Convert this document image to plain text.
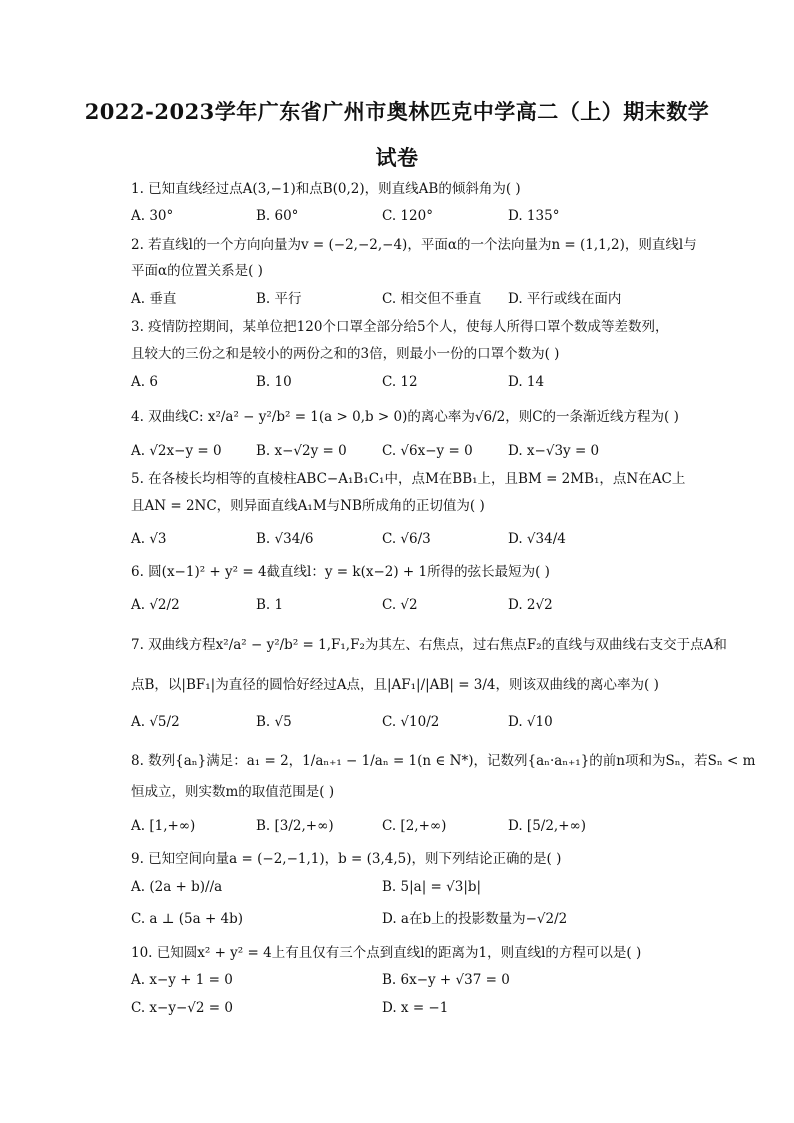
2022-2023学年广东省广州市奥林匹克中学高二（上）期末数学
试卷
1. 已知直线经过点A(3,−1)和点B(0,2)，则直线AB的倾斜角为( )
A. 30°	B. 60°	C. 120°	D. 135°
2. 若直线l的一个方向向量为v = (−2,−2,−4)，平面α的一个法向量为n = (1,1,2)，则直线l与
平面α的位置关系是( )
A. 垂直	B. 平行	C. 相交但不垂直 D. 平行或线在面内
3. 疫情防控期间，某单位把120个口罩全部分给5个人，使每人所得口罩个数成等差数列，
且较大的三份之和是较小的两份之和的3倍，则最小一份的口罩个数为( )
A. 6	B. 10	C. 12	D. 14
4. 双曲线C: x²/a² − y²/b² = 1(a > 0,b > 0)的离心率为√6/2，则C的一条渐近线方程为( )
A. √2x−y = 0	B. x−√2y = 0	C. √6x−y = 0	D. x−√3y = 0
5. 在各棱长均相等的直棱柱ABC−A₁B₁C₁中，点M在BB₁上，且BM = 2MB₁，点N在AC上
且AN = 2NC，则异面直线A₁M与NB所成角的正切值为( )
A. √3	B. √34/6	C. √6/3	D. √34/4
6. 圆(x−1)² + y² = 4截直线l：y = k(x−2) + 1所得的弦长最短为( )
A. √2/2	B. 1	C. √2	D. 2√2
7. 双曲线方程x²/a² − y²/b² = 1,F₁,F₂为其左、右焦点，过右焦点F₂的直线与双曲线右支交于点A和
点B，以|BF₁|为直径的圆恰好经过A点，且|AF₁|/|AB| = 3/4，则该双曲线的离心率为( )
A. √5/2	B. √5	C. √10/2	D. √10
8. 数列{aₙ}满足：a₁ = 2，1/aₙ₊₁ − 1/aₙ = 1(n ∈ N*)，记数列{aₙ·aₙ₊₁}的前n项和为Sₙ，若Sₙ < m
恒成立，则实数m的取值范围是( )
A. [1,+∞)	B. [3/2,+∞)	C. [2,+∞)	D. [5/2,+∞)
9. 已知空间向量a = (−2,−1,1)，b = (3,4,5)，则下列结论正确的是( )
A. (2a + b)//a	B. 5|a| = √3|b|
C. a ⊥ (5a + 4b)	D. a在b上的投影数量为−√2/2
10. 已知圆x² + y² = 4上有且仅有三个点到直线l的距离为1，则直线l的方程可以是( )
A. x−y + 1 = 0	B. 6x−y + √37 = 0
C. x−y−√2 = 0	D. x = −1
